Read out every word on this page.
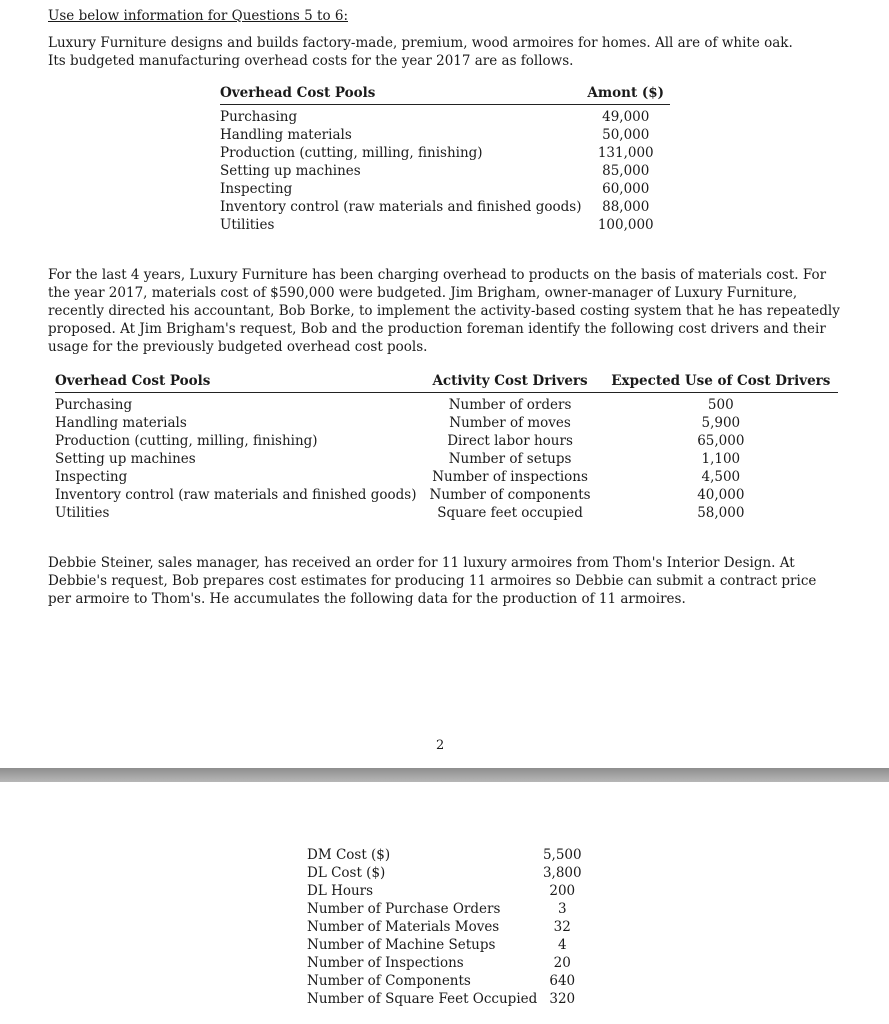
Use below information for Questions 5 to 6:

Luxury Furniture designs and builds factory-made, premium, wood armoires for homes. All are of white oak. Its budgeted manufacturing overhead costs for the year 2017 are as follows.

Overhead Cost Pools	Amont ($)
Purchasing	49,000
Handling materials	50,000
Production (cutting, milling, finishing)	131,000
Setting up machines	85,000
Inspecting	60,000
Inventory control (raw materials and finished goods)	88,000
Utilities	100,000

For the last 4 years, Luxury Furniture has been charging overhead to products on the basis of materials cost. For the year 2017, materials cost of $590,000 were budgeted. Jim Brigham, owner-manager of Luxury Furniture, recently directed his accountant, Bob Borke, to implement the activity-based costing system that he has repeatedly proposed. At Jim Brigham's request, Bob and the production foreman identify the following cost drivers and their usage for the previously budgeted overhead cost pools.

Overhead Cost Pools	Activity Cost Drivers	Expected Use of Cost Drivers
Purchasing	Number of orders	500
Handling materials	Number of moves	5,900
Production (cutting, milling, finishing)	Direct labor hours	65,000
Setting up machines	Number of setups	1,100
Inspecting	Number of inspections	4,500
Inventory control (raw materials and finished goods)	Number of components	40,000
Utilities	Square feet occupied	58,000

Debbie Steiner, sales manager, has received an order for 11 luxury armoires from Thom's Interior Design. At Debbie's request, Bob prepares cost estimates for producing 11 armoires so Debbie can submit a contract price per armoire to Thom's. He accumulates the following data for the production of 11 armoires.

2
DM Cost ($)	5,500
DL Cost ($)	3,800
DL Hours	200
Number of Purchase Orders	3
Number of Materials Moves	32
Number of Machine Setups	4
Number of Inspections	20
Number of Components	640
Number of Square Feet Occupied	320
